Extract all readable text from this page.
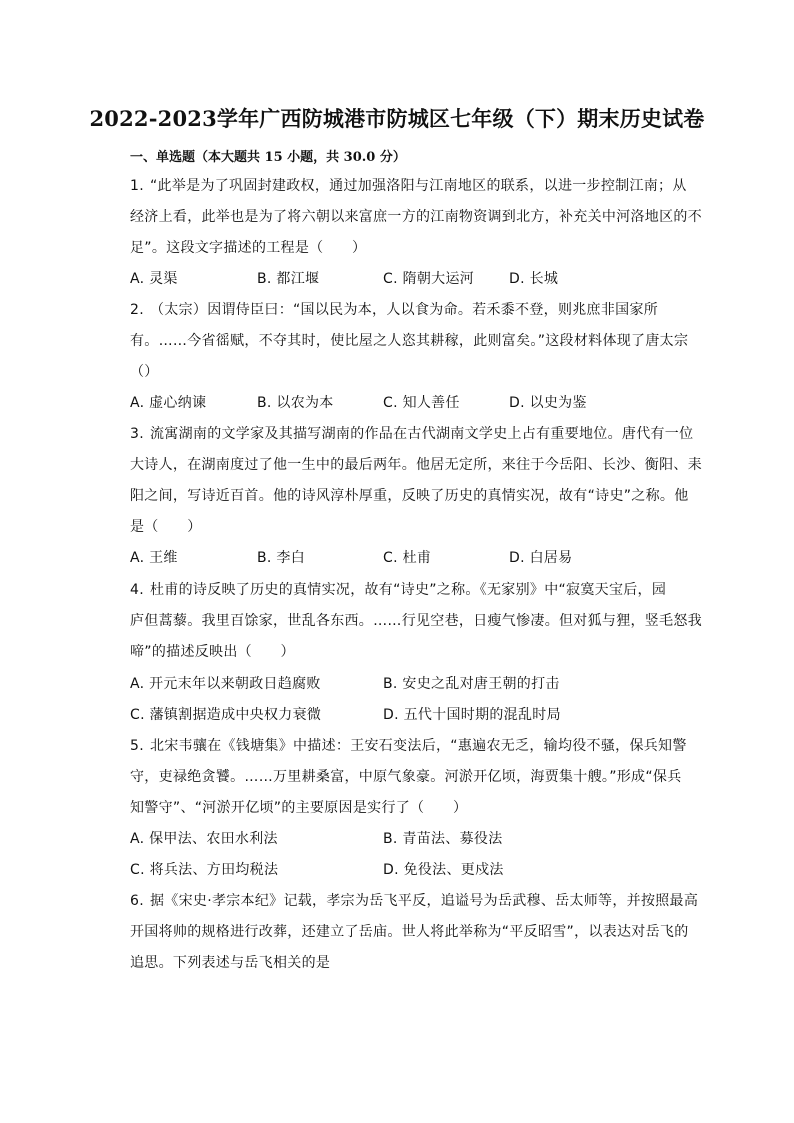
2022-2023学年广西防城港市防城区七年级（下）期末历史试卷
一、单选题（本大题共 15 小题，共 30.0 分）
1. “此举是为了巩固封建政权，通过加强洛阳与江南地区的联系，以进一步控制江南；从
经济上看，此举也是为了将六朝以来富庶一方的江南物资调到北方，补充关中河洛地区的不
足”。这段文字描述的工程是（　　）
A. 灵渠	B. 都江堰	C. 隋朝大运河 D. 长城
2. （太宗）因谓侍臣曰：“国以民为本，人以食为命。若禾黍不登，则兆庶非国家所
有。……今省徭赋，不夺其时，使比屋之人恣其耕稼，此则富矣。”这段材料体现了唐太宗
（）
A. 虚心纳谏	B. 以农为本	C. 知人善任	D. 以史为鉴
3. 流寓湖南的文学家及其描写湖南的作品在古代湖南文学史上占有重要地位。唐代有一位
大诗人，在湖南度过了他一生中的最后两年。他居无定所，来往于今岳阳、长沙、衡阳、耒
阳之间，写诗近百首。他的诗风淳朴厚重，反映了历史的真情实况，故有“诗史”之称。他
是（　　）
A. 王维	B. 李白	C. 杜甫	D. 白居易
4. 杜甫的诗反映了历史的真情实况，故有“诗史”之称。《无家别》中“寂寞天宝后，园
庐但蒿藜。我里百馀家，世乱各东西。……行见空巷，日瘦气惨凄。但对狐与狸，竖毛怒我
啼”的描述反映出（　　）
A. 开元末年以来朝政日趋腐败	B. 安史之乱对唐王朝的打击
C. 藩镇割据造成中央权力衰微	D. 五代十国时期的混乱时局
5. 北宋韦骧在《钱塘集》中描述：王安石变法后，“惠遍农无乏，输均役不骚，保兵知警
守，吏禄绝贪饕。……万里耕桑富，中原气象豪。河淤开亿顷，海贾集十艘。”形成“保兵
知警守”、“河淤开亿顷”的主要原因是实行了（　　）
A. 保甲法、农田水利法	B. 青苗法、募役法
C. 将兵法、方田均税法	D. 免役法、更戍法
6. 据《宋史·孝宗本纪》记载，孝宗为岳飞平反，追谥号为岳武穆、岳太师等，并按照最高
开国将帅的规格进行改葬，还建立了岳庙。世人将此举称为“平反昭雪”，以表达对岳飞的
追思。下列表述与岳飞相关的是
